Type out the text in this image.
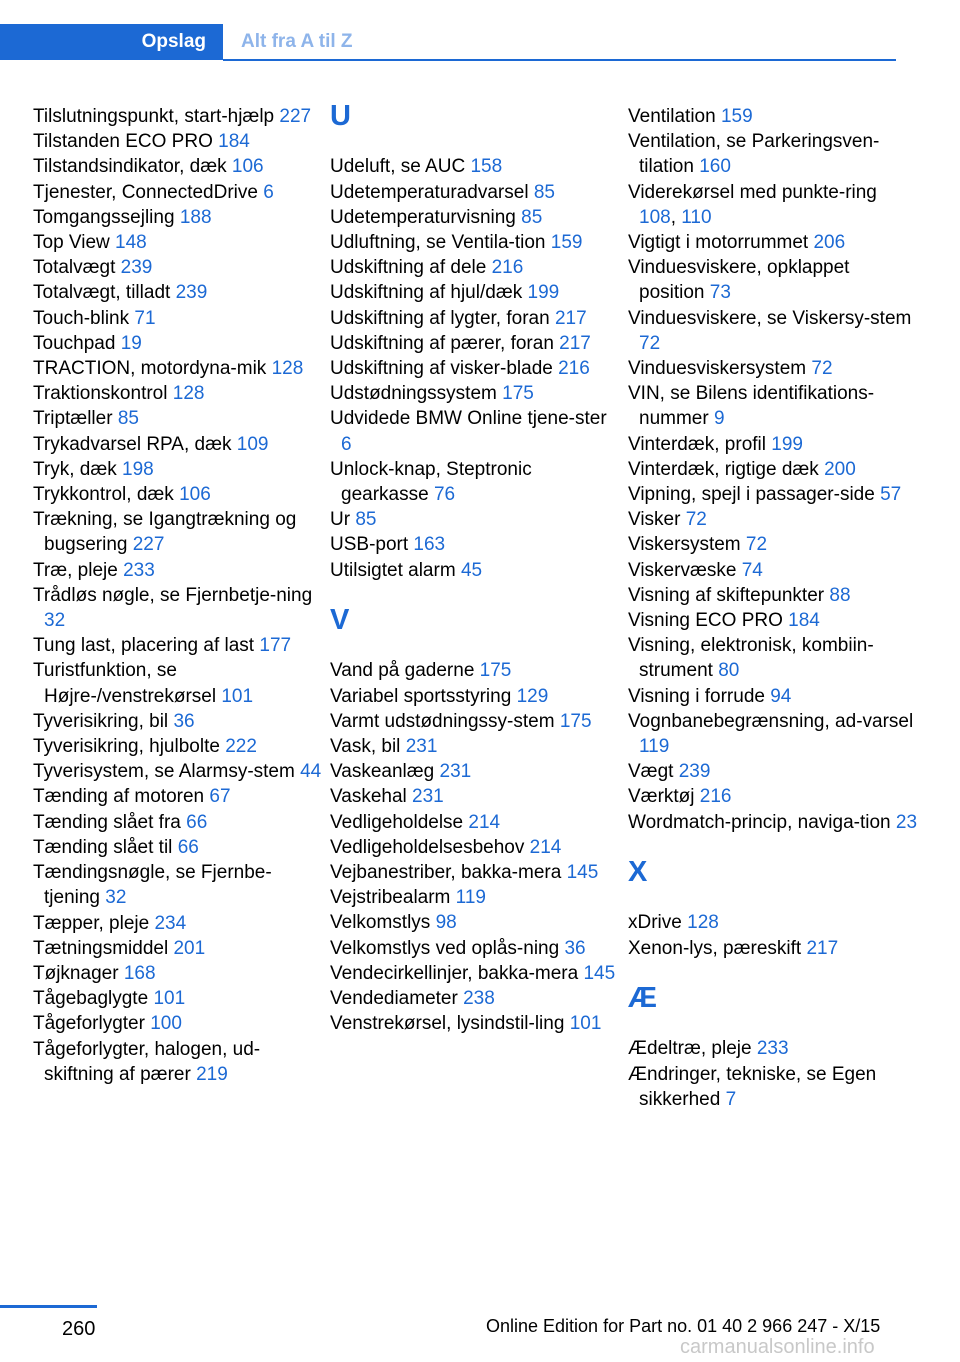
Opslag	Alt fra A til Z
Tilslutningspunkt, start-hjælp 227
Tilstanden ECO PRO 184
Tilstandsindikator, dæk 106
Tjenester, ConnectedDrive 6
Tomgangssejling 188
Top View 148
Totalvægt 239
Totalvægt, tilladt 239
Touch-blink 71
Touchpad 19
TRACTION, motordyna-mik 128
Traktionskontrol 128
Triptæller 85
Trykadvarsel RPA, dæk 109
Tryk, dæk 198
Trykkontrol, dæk 106
Trækning, se Igangtrækning og bugsering 227
Træ, pleje 233
Trådløs nøgle, se Fjernbetje-ning 32
Tung last, placering af last 177
Turistfunktion, se Højre-/venstrekørsel 101
Tyverisikring, bil 36
Tyverisikring, hjulbolte 222
Tyverisystem, se Alarmsy-stem 44
Tænding af motoren 67
Tænding slået fra 66
Tænding slået til 66
Tændingsnøgle, se Fjernbe-tjening 32
Tæpper, pleje 234
Tætningsmiddel 201
Tøjknager 168
Tågebaglygte 101
Tågeforlygter 100
Tågeforlygter, halogen, ud-skiftning af pærer 219
U
Udeluft, se AUC 158
Udetemperaturadvarsel 85
Udetemperaturvisning 85
Udluftning, se Ventila-tion 159
Udskiftning af dele 216
Udskiftning af hjul/dæk 199
Udskiftning af lygter, foran 217
Udskiftning af pærer, foran 217
Udskiftning af visker-blade 216
Udstødningssystem 175
Udvidede BMW Online tjene-ster 6
Unlock-knap, Steptronic gearkasse 76
Ur 85
USB-port 163
Utilsigtet alarm 45
V
Vand på gaderne 175
Variabel sportsstyring 129
Varmt udstødningssy-stem 175
Vask, bil 231
Vaskeanlæg 231
Vaskehal 231
Vedligeholdelse 214
Vedligeholdelsesbehov 214
Vejbanestriber, bakka-mera 145
Vejstribealarm 119
Velkomstlys 98
Velkomstlys ved oplås-ning 36
Vendecirkellinjer, bakka-mera 145
Vendediameter 238
Venstrekørsel, lysindstil-ling 101
Ventilation 159
Ventilation, se Parkeringsven-tilation 160
Viderekørsel med punkte-ring 108, 110
Vigtigt i motorrummet 206
Vinduesviskere, opklappet position 73
Vinduesviskere, se Viskersy-stem 72
Vinduesviskersystem 72
VIN, se Bilens identifikations-nummer 9
Vinterdæk, profil 199
Vinterdæk, rigtige dæk 200
Vipning, spejl i passager-side 57
Visker 72
Viskersystem 72
Viskervæske 74
Visning af skiftepunkter 88
Visning ECO PRO 184
Visning, elektronisk, kombiin-strument 80
Visning i forrude 94
Vognbanebegrænsning, ad-varsel 119
Vægt 239
Værktøj 216
Wordmatch-princip, naviga-tion 23
X
xDrive 128
Xenon-lys, pæreskift 217
Æ
Ædeltræ, pleje 233
Ændringer, tekniske, se Egen sikkerhed 7
260	Online Edition for Part no. 01 40 2 966 247 - X/15
carmanualsonline.info
